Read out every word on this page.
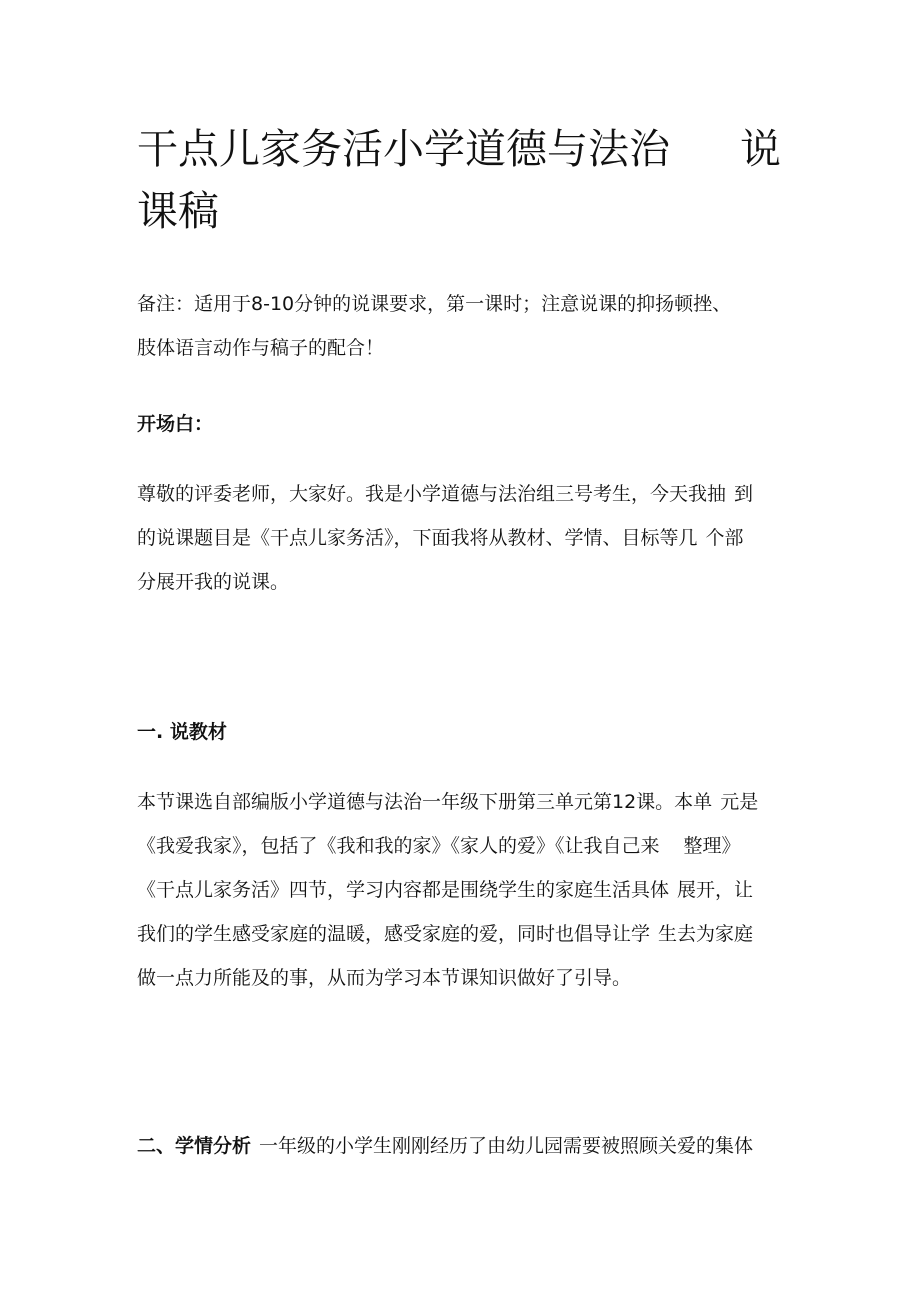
干点儿家务活小学道德与法治 说
课稿
备注：适用于8-10分钟的说课要求，第一课时；注意说课的抑扬顿挫、
肢体语言动作与稿子的配合！
开场白：
尊敬的评委老师，大家好。我是小学道德与法治组三号考生，今天我抽 到
的说课题目是《干点儿家务活》，下面我将从教材、学情、目标等几 个部
分展开我的说课。
一. 说教材
本节课选自部编版小学道德与法治一年级下册第三单元第12课。本单 元是
《我爱我家》，包括了《我和我的家》《家人的爱》《让我自己来 整理》
《干点儿家务活》四节，学习内容都是围绕学生的家庭生活具体 展开，让
我们的学生感受家庭的温暖，感受家庭的爱，同时也倡导让学 生去为家庭
做一点力所能及的事，从而为学习本节课知识做好了引导。
二、学情分析 一年级的小学生刚刚经历了由幼儿园需要被照顾关爱的集体
